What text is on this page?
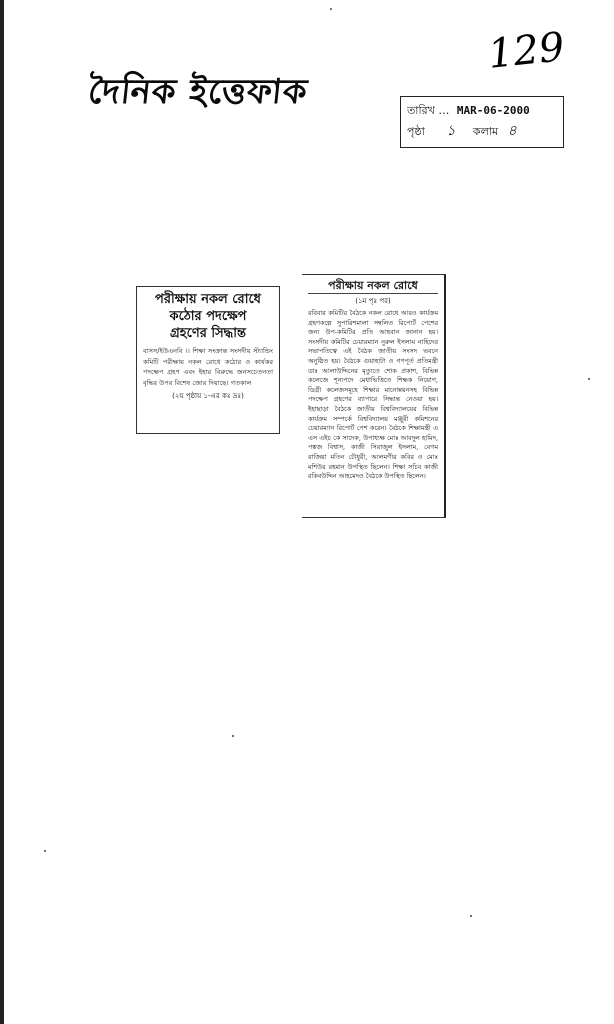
দৈনিক ইত্তেফাক
129
তারিখ … MAR-06-2000
পৃষ্ঠা ১ কলাম ৪
পরীক্ষায় নকল রোধে
কঠোর পদক্ষেপ
গ্রহণের সিদ্ধান্ত
বাসস/ইউএনবি ।। শিক্ষা সংক্রান্ত সংসদীয় স্ট্যান্ডিং কমিটি পরীক্ষায় নকল রোধে কঠোর ও কার্যকর পদক্ষেপ গ্রহণ এবং ইহার বিরুদ্ধে জনসচেতনতা বৃদ্ধির উপর বিশেষ জোর দিয়াছে। গতকাল
(২য় পৃষ্ঠায় ১-এর কঃ দ্রঃ)
পরীক্ষায় নকল রোধে
(১ম পৃঃ পর)
রবিবার কমিটির বৈঠকে নকল রোধে আরও কার্যক্রম গ্রহণকল্পে সুপারিশমালা সম্বলিত রিপোর্ট পেশের জন্য উপ-কমিটির প্রতি আহবান জানান হয়। সংসদীয় কমিটির চেয়ারম্যান নুরুল ইসলাম নাহিদের সভাপতিত্বে এই বৈঠক জাতীয় সংসদ ভবনে অনুষ্ঠিত হয়। বৈঠকে গুয়াহাটা ও গণপূর্ত প্রতিমন্ত্রী ডাঃ আলাউদ্দিনের মৃত্যুতে শোক প্রকাশ, বিভিন্ন কলেজে শূন্যপদে মেধাভিত্তিতে শিক্ষক নিয়োগ, ডিগ্রী কলেজসমূহে শিক্ষার মানোন্নয়নসহ বিভিন্ন পদক্ষেপ গ্রহণের ব্যাপারে সিদ্ধান্ত নেওয়া হয়। ইহাছাড়া বৈঠকে জাতীয় বিশ্ববিদ্যালয়ের বিভিন্ন কার্যক্রম সম্পর্কে বিশ্ববিদ্যালয় মঞ্জুরী কমিশনের চেয়ারম্যান রিপোর্ট পেশ করেন। বৈঠকে শিক্ষামন্ত্রী এ এস এইচ কে সাদেক, উপাধ্যক্ষ মোঃ আবদুল হামিদ, পঙ্কজ বিশ্বাস, কাজী সিরাজুল ইসলাম, বেগম রাজিয়া মতিন চৌধুরী, আলমগীর কবির ও মোঃ মশিউর রহমান উপস্থিত ছিলেন। শিক্ষা সচিব কাজী রকিবউদ্দিন আহমেদও বৈঠকে উপস্থিত ছিলেন।
